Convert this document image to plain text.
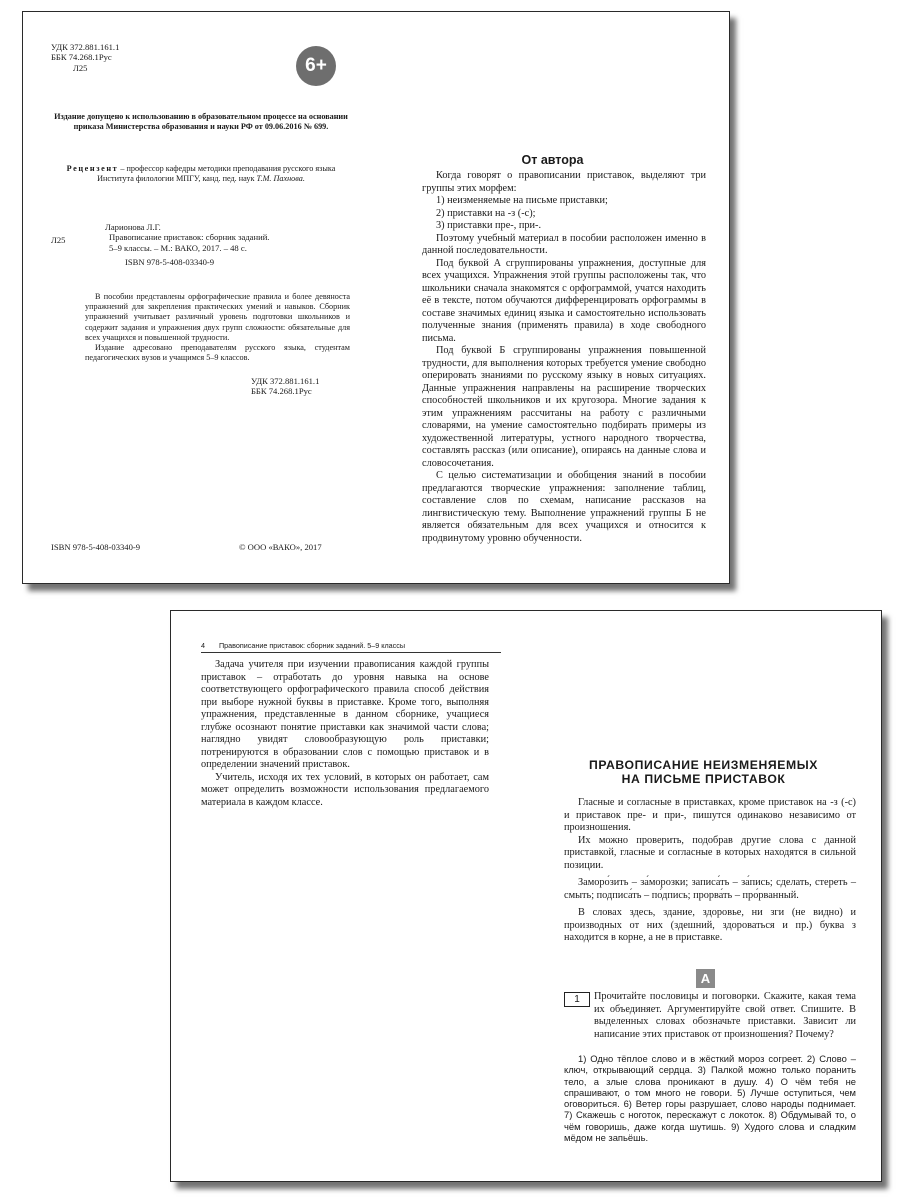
УДК 372.881.161.1
ББК 74.268.1Рус
Л25	6+
Издание допущено к использованию в образовательном процессе на основании приказа Министерства образования и науки РФ от 09.06.2016 № 699.
Рецензент – профессор кафедры методики преподавания русского языка Института филологии МПГУ, канд. пед. наук Т.М. Пахнова.
Л25
Ларионова Л.Г.
Правописание приставок: сборник заданий.
5–9 классы. – М.: ВАКО, 2017. – 48 с.
ISBN 978-5-408-03340-9

В пособии представлены орфографические правила и более девяноста упражнений для закрепления практических умений и навыков. Сборник упражнений учитывает различный уровень подготовки школьников и содержит задания и упражнения двух групп сложности: обязательные для всех учащихся и повышенной трудности.

Издание адресовано преподавателям русского языка, студентам педагогических вузов и учащимся 5–9 классов.

УДК 372.881.161.1
ББК 74.268.1Рус
ISBN 978-5-408-03340-9	© ООО «ВАКО», 2017
От автора

Когда говорят о правописании приставок, выделяют три группы этих морфем:

1) неизменяемые на письме приставки;

2) приставки на -з (-с);

3) приставки пре-, при-.

Поэтому учебный материал в пособии расположен именно в данной последовательности.

Под буквой А сгруппированы упражнения, доступные для всех учащихся. Упражнения этой группы расположены так, что школьники сначала знакомятся с орфограммой, учатся находить её в тексте, потом обучаются дифференцировать орфограммы в составе значимых единиц языка и самостоятельно использовать полученные знания (применять правила) в ходе свободного письма.

Под буквой Б сгруппированы упражнения повышенной трудности, для выполнения которых требуется умение свободно оперировать знаниями по русскому языку в новых ситуациях. Данные упражнения направлены на расширение творческих способностей школьников и их кругозора. Многие задания к этим упражнениям рассчитаны на работу с различными словарями, на умение самостоятельно подбирать примеры из художественной литературы, устного народного творчества, составлять рассказ (или описание), опираясь на данные слова и словосочетания.

С целью систематизации и обобщения знаний в пособии предлагаются творческие упражнения: заполнение таблиц, составление слов по схемам, написание рассказов на лингвистическую тему. Выполнение упражнений группы Б не является обязательным для всех учащихся и относится к продвинутому уровню обученности.

4 Правописание приставок: сборник заданий. 5–9 классы

Задача учителя при изучении правописания каждой группы приставок – отработать до уровня навыка на основе соответствующего орфографического правила способ действия при выборе нужной буквы в приставке. Кроме того, выполняя упражнения, представленные в данном сборнике, учащиеся глубже осознают понятие приставки как значимой части слова; наглядно увидят словообразующую роль приставки; потренируются в образовании слов с помощью приставок и в определении значений приставок.

Учитель, исходя их тех условий, в которых он работает, сам может определить возможности использования предлагаемого материала в каждом классе.

ПРАВОПИСАНИЕ НЕИЗМЕНЯЕМЫХ
НА ПИСЬМЕ ПРИСТАВОК

Гласные и согласные в приставках, кроме приставок на -з (-с) и приставок пре- и при-, пишутся одинаково независимо от произношения.

Их можно проверить, подобрав другие слова с данной приставкой, гласные и согласные в которых находятся в сильной позиции.

Заморо́зить – за́морозки; записа́ть – за́пись; сделать, стереть – смыть; подписа́ть – по́дпись; прорва́ть – про́рванный.

В словах здесь, здание, здоровье, ни зги (не видно) и производных от них (здешний, здороваться и пр.) буква з находится в корне, а не в приставке.

А
1	Прочитайте пословицы и поговорки. Скажите, какая тема их объединяет. Аргументируйте свой ответ. Спишите. В выделенных словах обозначьте приставки. Зависит ли написание этих приставок от произношения? Почему?

1) Одно тёплое слово и в жёсткий мороз согреет. 2) Слово – ключ, открывающий сердца. 3) Палкой можно только поранить тело, а злые слова проникают в душу. 4) О чём тебя не спрашивают, о том много не говори. 5) Лучше оступиться, чем оговориться. 6) Ветер горы разрушает, слово народы поднимает. 7) Скажешь с ноготок, перескажут с локоток. 8) Обдумывай то, о чём говоришь, даже когда шутишь. 9) Худого слова и сладким мёдом не запьёшь.
